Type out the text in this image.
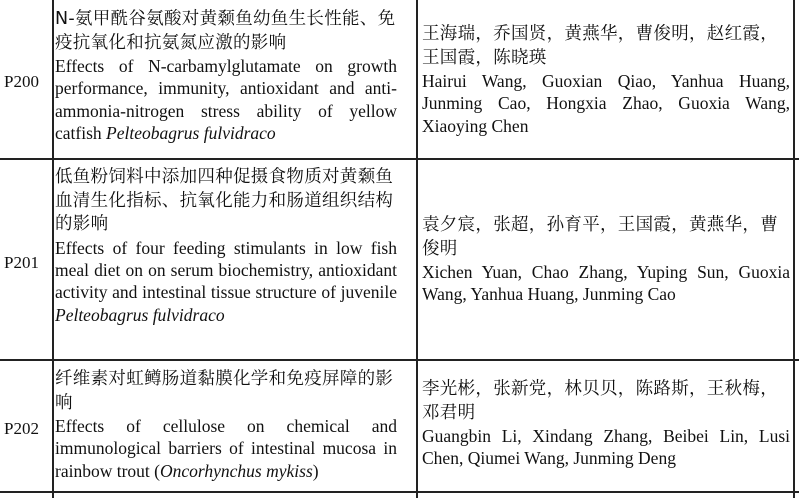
P200
N-氨甲酰谷氨酸对黄颡鱼幼鱼生长性能、免疫抗氧化和抗氨氮应激的影响
Effects of N-carbamylglutamate on growth performance, immunity, antioxidant and anti-ammonia-nitrogen stress ability of yellow catfish Pelteobagrus fulvidraco
王海瑞，乔国贤，黄燕华，曹俊明，赵红霞，王国霞，陈晓瑛
Hairui Wang, Guoxian Qiao, Yanhua Huang, Junming Cao, Hongxia Zhao, Guoxia Wang, Xiaoying Chen
P201
低鱼粉饲料中添加四种促摄食物质对黄颡鱼血清生化指标、抗氧化能力和肠道组织结构的影响
Effects of four feeding stimulants in low fish meal diet on on serum biochemistry, antioxidant activity and intestinal tissue structure of juvenile Pelteobagrus fulvidraco
袁夕宸，张超，孙育平，王国霞，黄燕华，曹俊明
Xichen Yuan, Chao Zhang, Yuping Sun, Guoxia Wang, Yanhua Huang, Junming Cao
P202
纤维素对虹鳟肠道黏膜化学和免疫屏障的影响
Effects of cellulose on chemical and immunological barriers of intestinal mucosa in rainbow trout (Oncorhynchus mykiss)
李光彬，张新党，林贝贝，陈路斯，王秋梅，邓君明
Guangbin Li, Xindang Zhang, Beibei Lin, Lusi Chen, Qiumei Wang, Junming Deng
